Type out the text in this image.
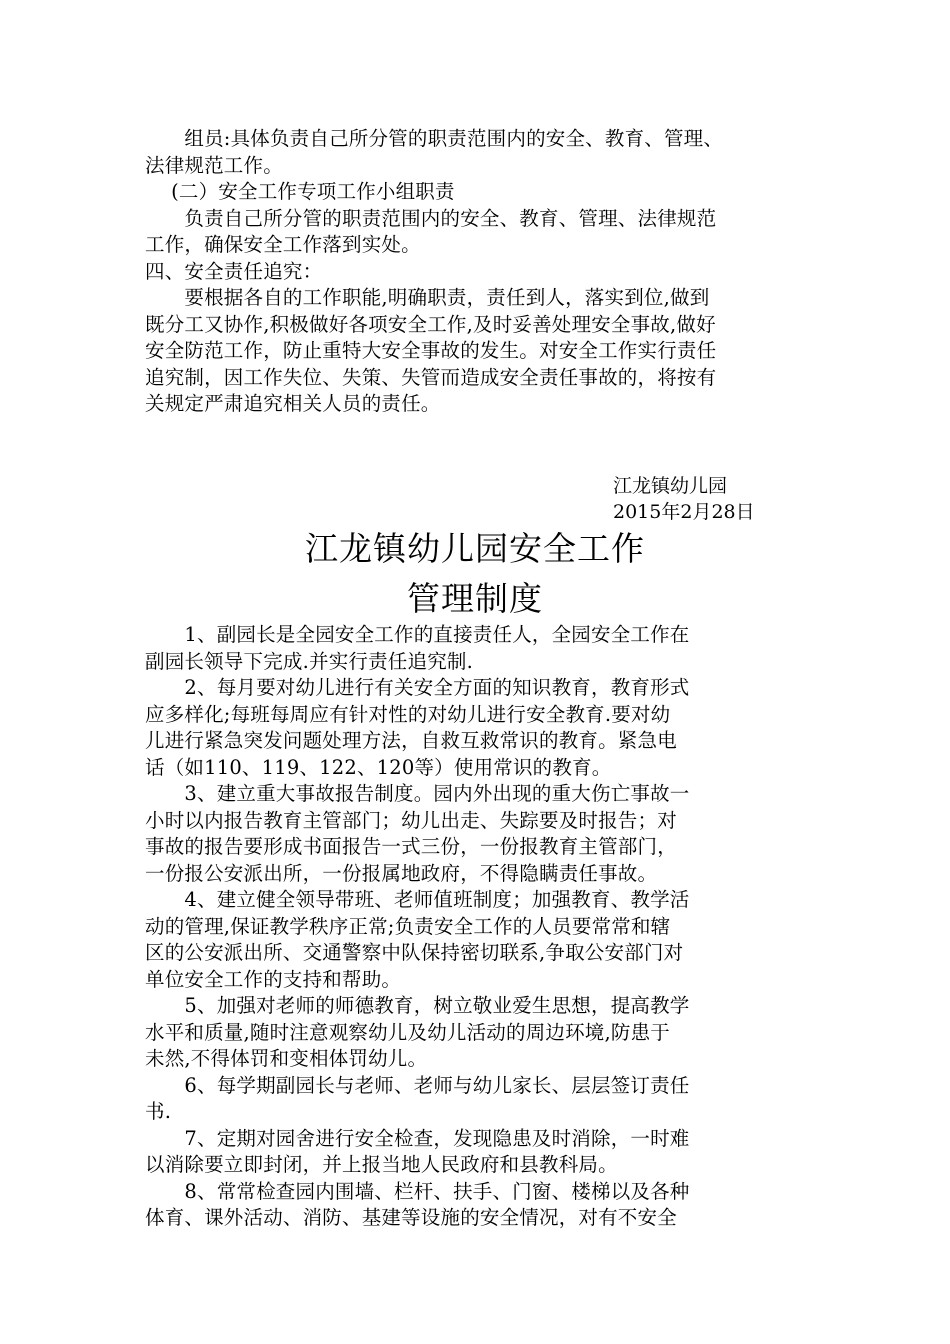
　　组员:具体负责自己所分管的职责范围内的安全、教育、管理、

法律规范工作。

　 (二）安全工作专项工作小组职责

　　负责自己所分管的职责范围内的安全、教育、管理、法律规范

工作，确保安全工作落到实处。

四、安全责任追究：

　　要根据各自的工作职能,明确职责，责任到人，落实到位,做到

既分工又协作,积极做好各项安全工作,及时妥善处理安全事故,做好

安全防范工作，防止重特大安全事故的发生。对安全工作实行责任

追究制，因工作失位、失策、失管而造成安全责任事故的，将按有

关规定严肃追究相关人员的责任。

江龙镇幼儿园

2015年2月28日

江龙镇幼儿园安全工作
管理制度

　　1、副园长是全园安全工作的直接责任人，全园安全工作在

副园长领导下完成.并实行责任追究制.

　　2、每月要对幼儿进行有关安全方面的知识教育，教育形式

应多样化;每班每周应有针对性的对幼儿进行安全教育.要对幼

儿进行紧急突发问题处理方法，自救互救常识的教育。紧急电

话（如110、119、122、120等）使用常识的教育。

　　3、建立重大事故报告制度。园内外出现的重大伤亡事故一

小时以内报告教育主管部门；幼儿出走、失踪要及时报告；对

事故的报告要形成书面报告一式三份，一份报教育主管部门，

一份报公安派出所，一份报属地政府，不得隐瞒责任事故。

　　4、建立健全领导带班、老师值班制度；加强教育、教学活

动的管理,保证教学秩序正常;负责安全工作的人员要常常和辖

区的公安派出所、交通警察中队保持密切联系,争取公安部门对

单位安全工作的支持和帮助。

　　5、加强对老师的师德教育，树立敬业爱生思想，提高教学

水平和质量,随时注意观察幼儿及幼儿活动的周边环境,防患于

未然,不得体罚和变相体罚幼儿。

　　6、每学期副园长与老师、老师与幼儿家长、层层签订责任

书.

　　7、定期对园舍进行安全检查，发现隐患及时消除，一时难

以消除要立即封闭，并上报当地人民政府和县教科局。

　　8、常常检查园内围墙、栏杆、扶手、门窗、楼梯以及各种

体育、课外活动、消防、基建等设施的安全情况，对有不安全
